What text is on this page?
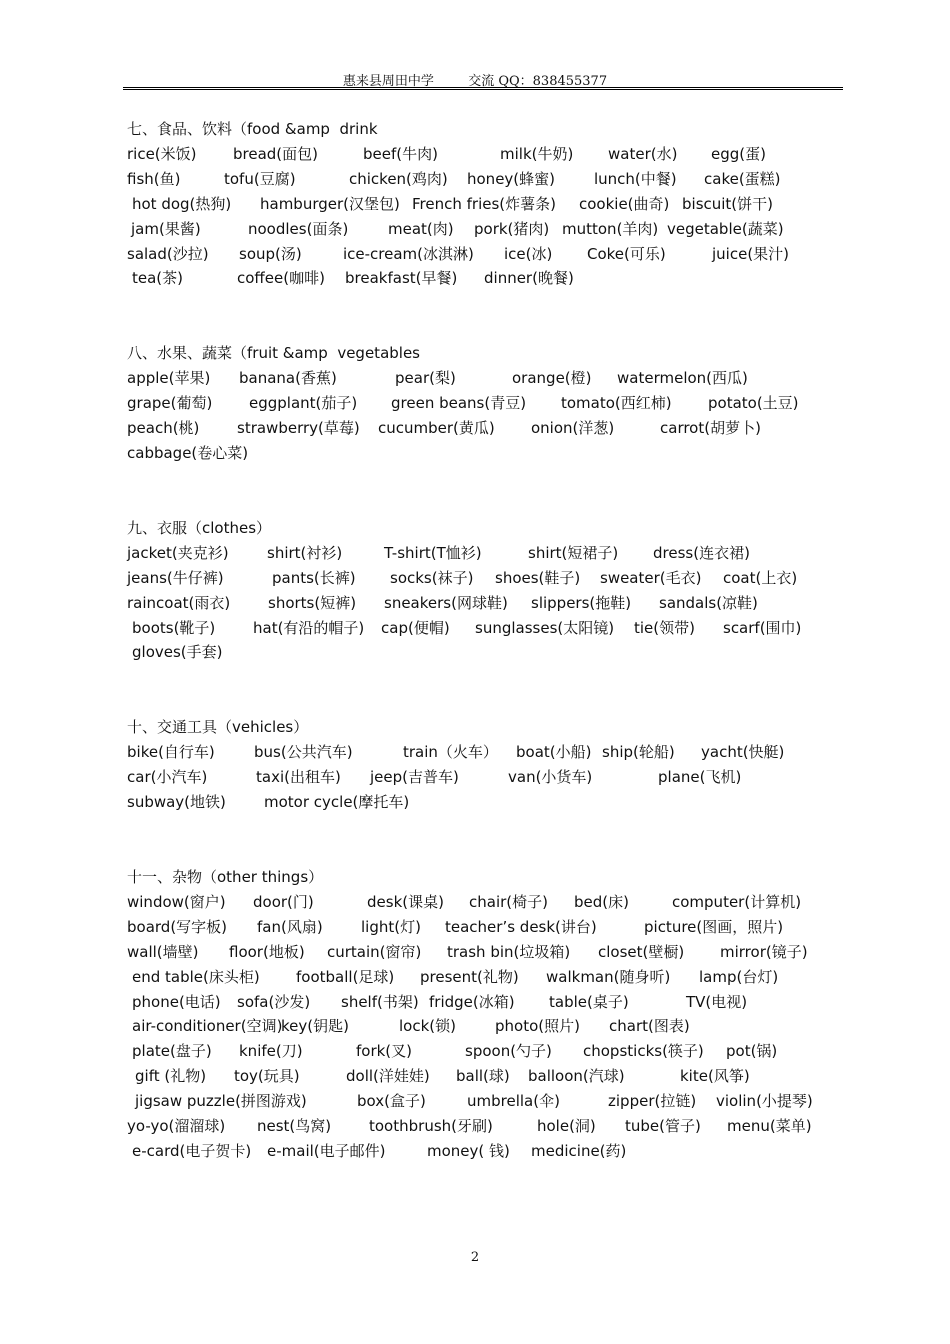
惠来县周田中学	交流 QQ：838455377
七、食品、饮料（food &amp  drink
rice(米饭) bread(面包)	beef(牛肉)	milk(牛奶) water(水) egg(蛋)
fish(鱼)	tofu(豆腐)	chicken(鸡肉) honey(蜂蜜)	lunch(中餐) cake(蛋糕)
hot dog(热狗) hamburger(汉堡包) French fries(炸薯条) cookie(曲奇) biscuit(饼干)
jam(果酱)	noodles(面条)	meat(肉) pork(猪肉) mutton(羊肉) vegetable(蔬菜)
salad(沙拉) soup(汤)	ice-cream(冰淇淋) ice(冰) Coke(可乐)	juice(果汁)
tea(茶)	coffee(咖啡) breakfast(早餐) dinner(晚餐)
八、水果、蔬菜（fruit &amp  vegetables
apple(苹果) banana(香蕉)	pear(梨)	orange(橙) watermelon(西瓜)
grape(葡萄) eggplant(茄子) green beans(青豆) tomato(西红柿) potato(土豆)
peach(桃)	strawberry(草莓) cucumber(黄瓜) onion(洋葱)	carrot(胡萝卜)
cabbage(卷心菜)
九、衣服（clothes）
jacket(夹克衫)	shirt(衬衫)	T-shirt(T恤衫)	shirt(短裙子) dress(连衣裙)
jeans(牛仔裤)	pants(长裤) socks(袜子) shoes(鞋子) sweater(毛衣) coat(上衣)
raincoat(雨衣)	shorts(短裤) sneakers(网球鞋) slippers(拖鞋) sandals(凉鞋)
boots(靴子)	hat(有沿的帽子) cap(便帽) sunglasses(太阳镜) tie(领带) scarf(围巾)
gloves(手套)
十、交通工具（vehicles）
bike(自行车)	bus(公共汽车)	train（火车） boat(小船) ship(轮船) yacht(快艇)
car(小汽车)	taxi(出租车) jeep(吉普车)	van(小货车)	plane(飞机)
subway(地铁)	motor cycle(摩托车)
十一、杂物（other things）
window(窗户) door(门)	desk(课桌) chair(椅子) bed(床)	computer(计算机)
board(写字板) fan(风扇)	light(灯) teacher’s desk(讲台)	picture(图画，照片)
wall(墙壁) floor(地板) curtain(窗帘) trash bin(垃圾箱) closet(壁橱) mirror(镜子)
end table(床头柜) football(足球) present(礼物) walkman(随身听) lamp(台灯)
phone(电话) sofa(沙发) shelf(书架) fridge(冰箱) table(桌子)	TV(电视)
air-conditioner(空调)
key(钥匙)	lock(锁)	photo(照片) chart(图表)
plate(盘子) knife(刀)	fork(叉)	spoon(勺子) chopsticks(筷子) pot(锅)
gift (礼物) toy(玩具)	doll(洋娃娃) ball(球) balloon(汽球)	kite(风筝)
jigsaw puzzle(拼图游戏)	box(盒子)	umbrella(伞)	zipper(拉链) violin(小提琴)
yo-yo(溜溜球) nest(鸟窝)	toothbrush(牙刷)	hole(洞) tube(管子) menu(菜单)
e-card(电子贺卡) e-mail(电子邮件)	money( 钱) medicine(药)
2
